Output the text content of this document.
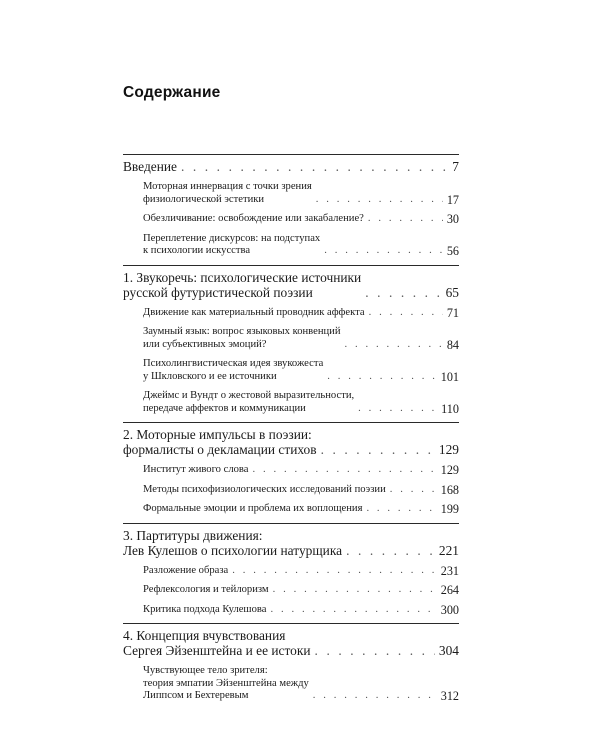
Содержание
Введение . . .	7
Моторная иннервация с точки зрения
физиологической эстетики . . .	17
Обезличивание: освобождение или закабаление? . . .	30
Переплетение дискурсов: на подступах
к психологии искусства . . .	56
1. Звукоречь: психологические источники
русской футуристической поэзии . . .	65
Движение как материальный проводник аффекта . . .	71
Заумный язык: вопрос языковых конвенций
или субъективных эмоций? . . .	84
Психолингвистическая идея звукожеста
у Шкловского и ее источники . . .	101
Джеймс и Вундт о жестовой выразительности,
передаче аффектов и коммуникации . . .	110
2. Моторные импульсы в поэзии:
формалисты о декламации стихов . . .	129
Институт живого слова . . .	129
Методы психофизиологических исследований поэзии . . .	168
Формальные эмоции и проблема их воплощения . . .	199
3. Партитуры движения:
Лев Кулешов о психологии натурщика . . .	221
Разложение образа . . .	231
Рефлексология и тейлоризм . . .	264
Критика подхода Кулешова . . .	300
4. Концепция вчувствования
Сергея Эйзенштейна и ее истоки . . .	304
Чувствующее тело зрителя:
теория эмпатии Эйзенштейна между
Липпсом и Бехтеревым . . .	312
